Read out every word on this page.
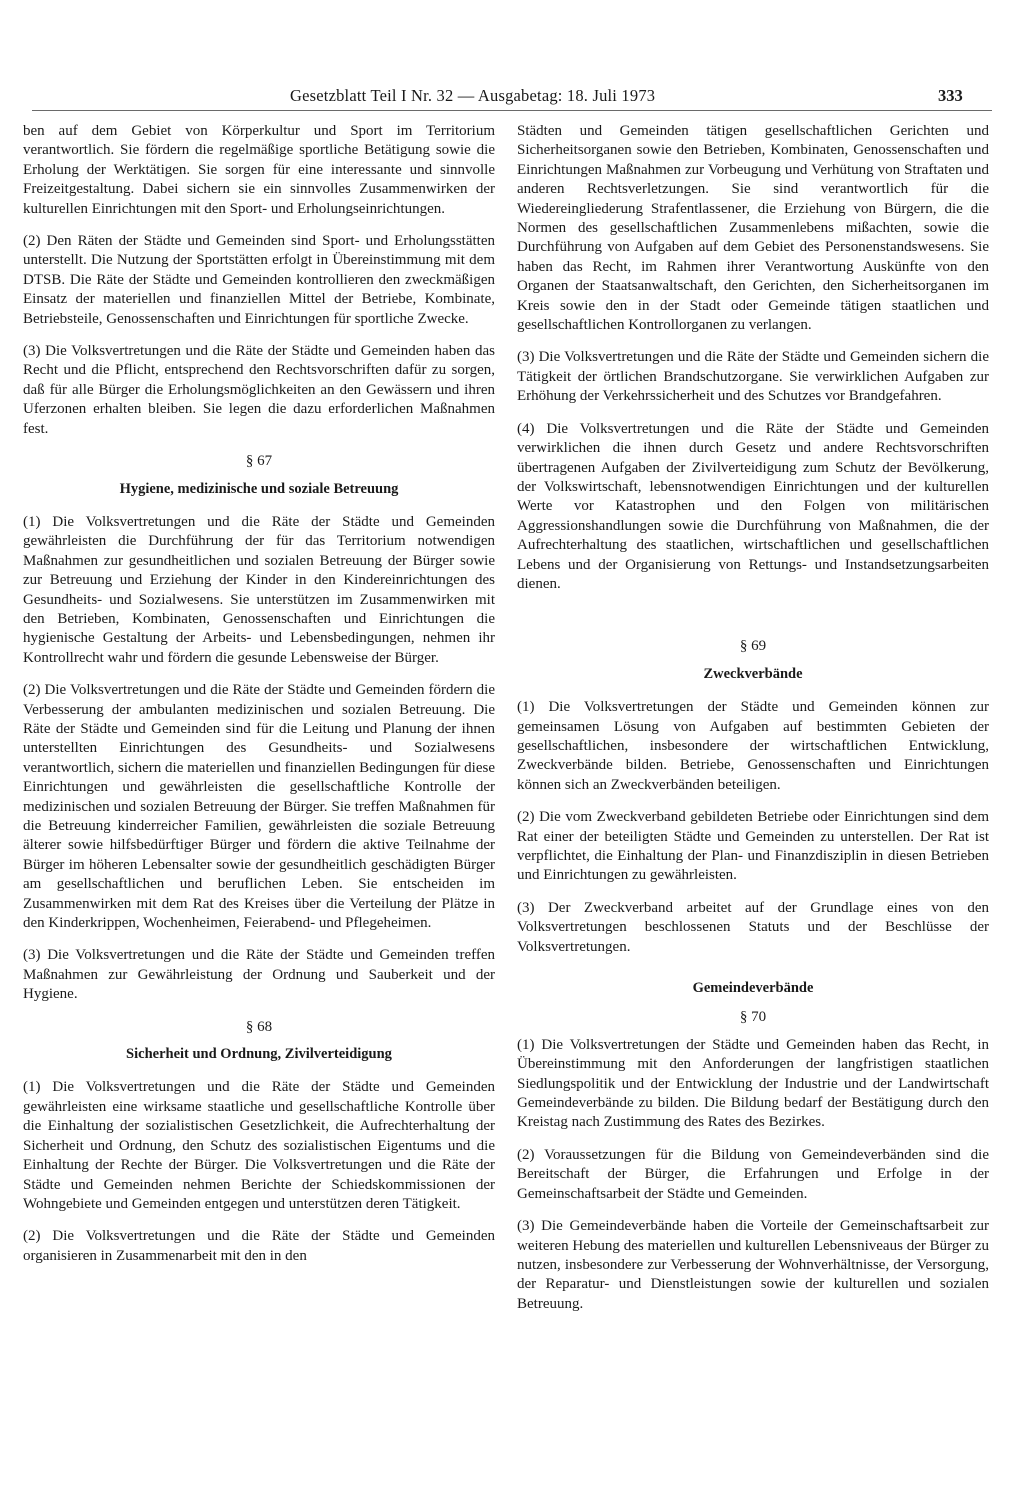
Gesetzblatt Teil I Nr. 32 — Ausgabetag: 18. Juli 1973	333

ben auf dem Gebiet von Körperkultur und Sport im Territorium verantwortlich. Sie fördern die regelmäßige sportliche Betätigung sowie die Erholung der Werktätigen. Sie sorgen für eine interessante und sinnvolle Freizeitgestaltung. Dabei sichern sie ein sinnvolles Zusammenwirken der kulturellen Einrichtungen mit den Sport- und Erholungseinrichtungen.

(2) Den Räten der Städte und Gemeinden sind Sport- und Erholungsstätten unterstellt. Die Nutzung der Sportstätten erfolgt in Übereinstimmung mit dem DTSB. Die Räte der Städte und Gemeinden kontrollieren den zweckmäßigen Einsatz der materiellen und finanziellen Mittel der Betriebe, Kombinate, Betriebsteile, Genossenschaften und Einrichtungen für sportliche Zwecke.

(3) Die Volksvertretungen und die Räte der Städte und Gemeinden haben das Recht und die Pflicht, entsprechend den Rechtsvorschriften dafür zu sorgen, daß für alle Bürger die Erholungsmöglichkeiten an den Gewässern und ihren Uferzonen erhalten bleiben. Sie legen die dazu erforderlichen Maßnahmen fest.

§ 67
Hygiene, medizinische und soziale Betreuung

(1) Die Volksvertretungen und die Räte der Städte und Gemeinden gewährleisten die Durchführung der für das Territorium notwendigen Maßnahmen zur gesundheitlichen und sozialen Betreuung der Bürger sowie zur Betreuung und Erziehung der Kinder in den Kindereinrichtungen des Gesundheits- und Sozialwesens. Sie unterstützen im Zusammenwirken mit den Betrieben, Kombinaten, Genossenschaften und Einrichtungen die hygienische Gestaltung der Arbeits- und Lebensbedingungen, nehmen ihr Kontrollrecht wahr und fördern die gesunde Lebensweise der Bürger.

(2) Die Volksvertretungen und die Räte der Städte und Gemeinden fördern die Verbesserung der ambulanten medizinischen und sozialen Betreuung. Die Räte der Städte und Gemeinden sind für die Leitung und Planung der ihnen unterstellten Einrichtungen des Gesundheits- und Sozialwesens verantwortlich, sichern die materiellen und finanziellen Bedingungen für diese Einrichtungen und gewährleisten die gesellschaftliche Kontrolle der medizinischen und sozialen Betreuung der Bürger. Sie treffen Maßnahmen für die Betreuung kinderreicher Familien, gewährleisten die soziale Betreuung älterer sowie hilfsbedürftiger Bürger und fördern die aktive Teilnahme der Bürger im höheren Lebensalter sowie der gesundheitlich geschädigten Bürger am gesellschaftlichen und beruflichen Leben. Sie entscheiden im Zusammenwirken mit dem Rat des Kreises über die Verteilung der Plätze in den Kinderkrippen, Wochenheimen, Feierabend- und Pflegeheimen.

(3) Die Volksvertretungen und die Räte der Städte und Gemeinden treffen Maßnahmen zur Gewährleistung der Ordnung und Sauberkeit und der Hygiene.

§ 68
Sicherheit und Ordnung, Zivilverteidigung

(1) Die Volksvertretungen und die Räte der Städte und Gemeinden gewährleisten eine wirksame staatliche und gesellschaftliche Kontrolle über die Einhaltung der sozialistischen Gesetzlichkeit, die Aufrechterhaltung der Sicherheit und Ordnung, den Schutz des sozialistischen Eigentums und die Einhaltung der Rechte der Bürger. Die Volksvertretungen und die Räte der Städte und Gemeinden nehmen Berichte der Schiedskommissionen der Wohngebiete und Gemeinden entgegen und unterstützen deren Tätigkeit.

(2) Die Volksvertretungen und die Räte der Städte und Gemeinden organisieren in Zusammenarbeit mit den in den

Städten und Gemeinden tätigen gesellschaftlichen Gerichten und Sicherheitsorganen sowie den Betrieben, Kombinaten, Genossenschaften und Einrichtungen Maßnahmen zur Vorbeugung und Verhütung von Straftaten und anderen Rechtsverletzungen. Sie sind verantwortlich für die Wiedereingliederung Strafentlassener, die Erziehung von Bürgern, die die Normen des gesellschaftlichen Zusammenlebens mißachten, sowie die Durchführung von Aufgaben auf dem Gebiet des Personenstandswesens. Sie haben das Recht, im Rahmen ihrer Verantwortung Auskünfte von den Organen der Staatsanwaltschaft, den Gerichten, den Sicherheitsorganen im Kreis sowie den in der Stadt oder Gemeinde tätigen staatlichen und gesellschaftlichen Kontrollorganen zu verlangen.

(3) Die Volksvertretungen und die Räte der Städte und Gemeinden sichern die Tätigkeit der örtlichen Brandschutzorgane. Sie verwirklichen Aufgaben zur Erhöhung der Verkehrssicherheit und des Schutzes vor Brandgefahren.

(4) Die Volksvertretungen und die Räte der Städte und Gemeinden verwirklichen die ihnen durch Gesetz und andere Rechtsvorschriften übertragenen Aufgaben der Zivilverteidigung zum Schutz der Bevölkerung, der Volkswirtschaft, lebensnotwendigen Einrichtungen und der kulturellen Werte vor Katastrophen und den Folgen von militärischen Aggressionshandlungen sowie die Durchführung von Maßnahmen, die der Aufrechterhaltung des staatlichen, wirtschaftlichen und gesellschaftlichen Lebens und der Organisierung von Rettungs- und Instandsetzungsarbeiten dienen.

§ 69
Zweckverbände

(1) Die Volksvertretungen der Städte und Gemeinden können zur gemeinsamen Lösung von Aufgaben auf bestimmten Gebieten der gesellschaftlichen, insbesondere der wirtschaftlichen Entwicklung, Zweckverbände bilden. Betriebe, Genossenschaften und Einrichtungen können sich an Zweckverbänden beteiligen.

(2) Die vom Zweckverband gebildeten Betriebe oder Einrichtungen sind dem Rat einer der beteiligten Städte und Gemeinden zu unterstellen. Der Rat ist verpflichtet, die Einhaltung der Plan- und Finanzdisziplin in diesen Betrieben und Einrichtungen zu gewährleisten.

(3) Der Zweckverband arbeitet auf der Grundlage eines von den Volksvertretungen beschlossenen Statuts und der Beschlüsse der Volksvertretungen.

Gemeindeverbände
§ 70

(1) Die Volksvertretungen der Städte und Gemeinden haben das Recht, in Übereinstimmung mit den Anforderungen der langfristigen staatlichen Siedlungspolitik und der Entwicklung der Industrie und der Landwirtschaft Gemeindeverbände zu bilden. Die Bildung bedarf der Bestätigung durch den Kreistag nach Zustimmung des Rates des Bezirkes.

(2) Voraussetzungen für die Bildung von Gemeindeverbänden sind die Bereitschaft der Bürger, die Erfahrungen und Erfolge in der Gemeinschaftsarbeit der Städte und Gemeinden.

(3) Die Gemeindeverbände haben die Vorteile der Gemeinschaftsarbeit zur weiteren Hebung des materiellen und kulturellen Lebensniveaus der Bürger zu nutzen, insbesondere zur Verbesserung der Wohnverhältnisse, der Versorgung, der Reparatur- und Dienstleistungen sowie der kulturellen und sozialen Betreuung.
